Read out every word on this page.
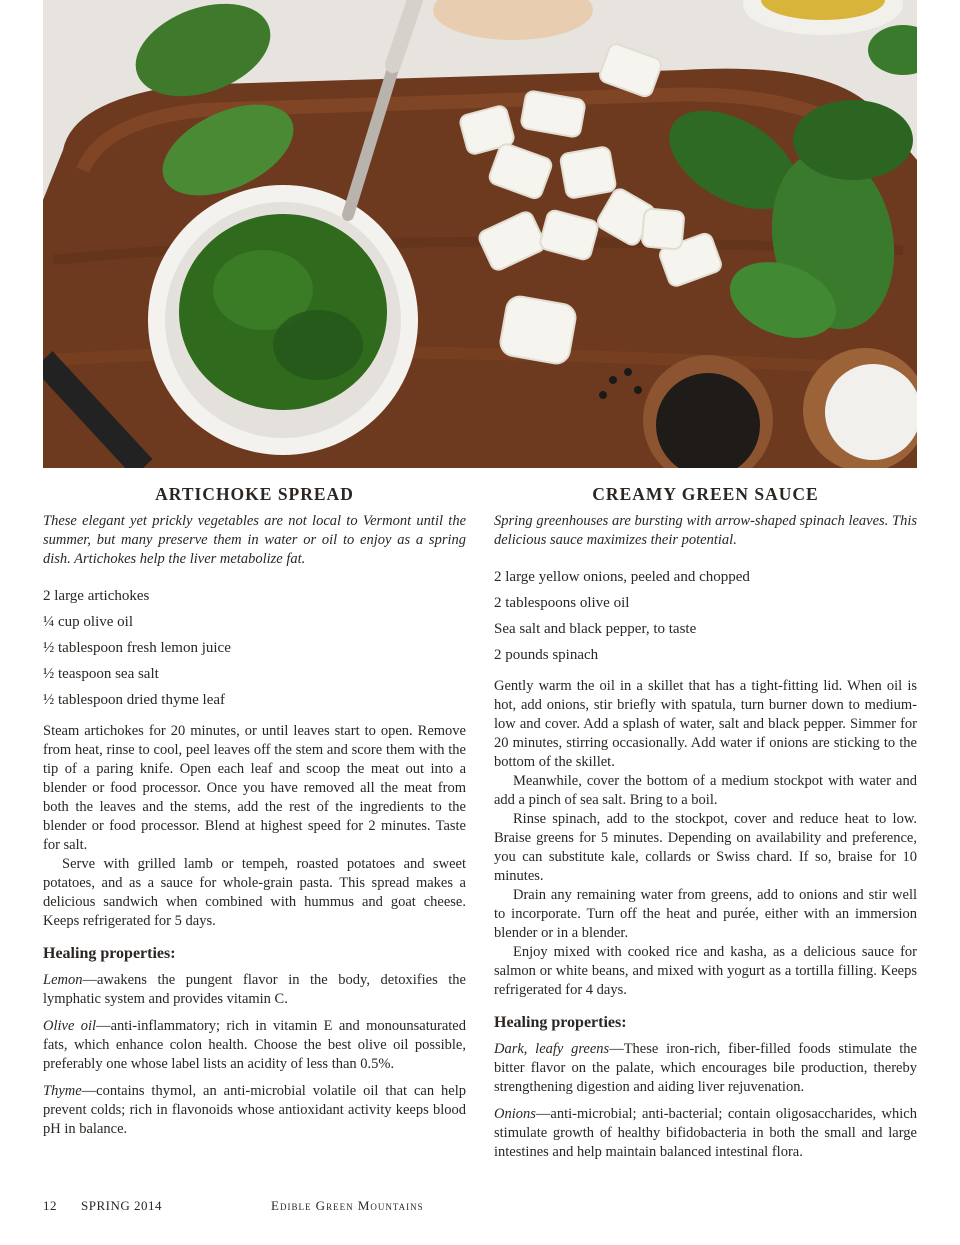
ARTICHOKE SPREAD

These elegant yet prickly vegetables are not local to Vermont until the summer, but many preserve them in water or oil to enjoy as a spring dish. Artichokes help the liver metabolize fat.

2 large artichokes
¼ cup olive oil
½ tablespoon fresh lemon juice
½ teaspoon sea salt
½ tablespoon dried thyme leaf

Steam artichokes for 20 minutes, or until leaves start to open. Remove from heat, rinse to cool, peel leaves off the stem and score them with the tip of a paring knife. Open each leaf and scoop the meat out into a blender or food processor. Once you have removed all the meat from both the leaves and the stems, add the rest of the ingredients to the blender or food processor. Blend at highest speed for 2 minutes. Taste for salt.

Serve with grilled lamb or tempeh, roasted potatoes and sweet potatoes, and as a sauce for whole-grain pasta. This spread makes a delicious sandwich when combined with hummus and goat cheese. Keeps refrigerated for 5 days.

Healing properties:

Lemon—awakens the pungent flavor in the body, detoxifies the lymphatic system and provides vitamin C.

Olive oil—anti-inflammatory; rich in vitamin E and monounsaturated fats, which enhance colon health. Choose the best olive oil possible, preferably one whose label lists an acidity of less than 0.5%.

Thyme—contains thymol, an anti-microbial volatile oil that can help prevent colds; rich in flavonoids whose antioxidant activity keeps blood pH in balance.

CREAMY GREEN SAUCE

Spring greenhouses are bursting with arrow-shaped spinach leaves. This delicious sauce maximizes their potential.

2 large yellow onions, peeled and chopped
2 tablespoons olive oil
Sea salt and black pepper, to taste
2 pounds spinach

Gently warm the oil in a skillet that has a tight-fitting lid. When oil is hot, add onions, stir briefly with spatula, turn burner down to medium-low and cover. Add a splash of water, salt and black pepper. Simmer for 20 minutes, stirring occasionally. Add water if onions are sticking to the bottom of the skillet.

Meanwhile, cover the bottom of a medium stockpot with water and add a pinch of sea salt. Bring to a boil.

Rinse spinach, add to the stockpot, cover and reduce heat to low. Braise greens for 5 minutes. Depending on availability and preference, you can substitute kale, collards or Swiss chard. If so, braise for 10 minutes.

Drain any remaining water from greens, add to onions and stir well to incorporate. Turn off the heat and purée, either with an immersion blender or in a blender.

Enjoy mixed with cooked rice and kasha, as a delicious sauce for salmon or white beans, and mixed with yogurt as a tortilla filling. Keeps refrigerated for 4 days.

Healing properties:

Dark, leafy greens—These iron-rich, fiber-filled foods stimulate the bitter flavor on the palate, which encourages bile production, thereby strengthening digestion and aiding liver rejuvenation.

Onions—anti-microbial; anti-bacterial; contain oligosaccharides, which stimulate growth of healthy bifidobacteria in both the small and large intestines and help maintain balanced intestinal flora.

12 SPRING 2014	Edible Green Mountains
